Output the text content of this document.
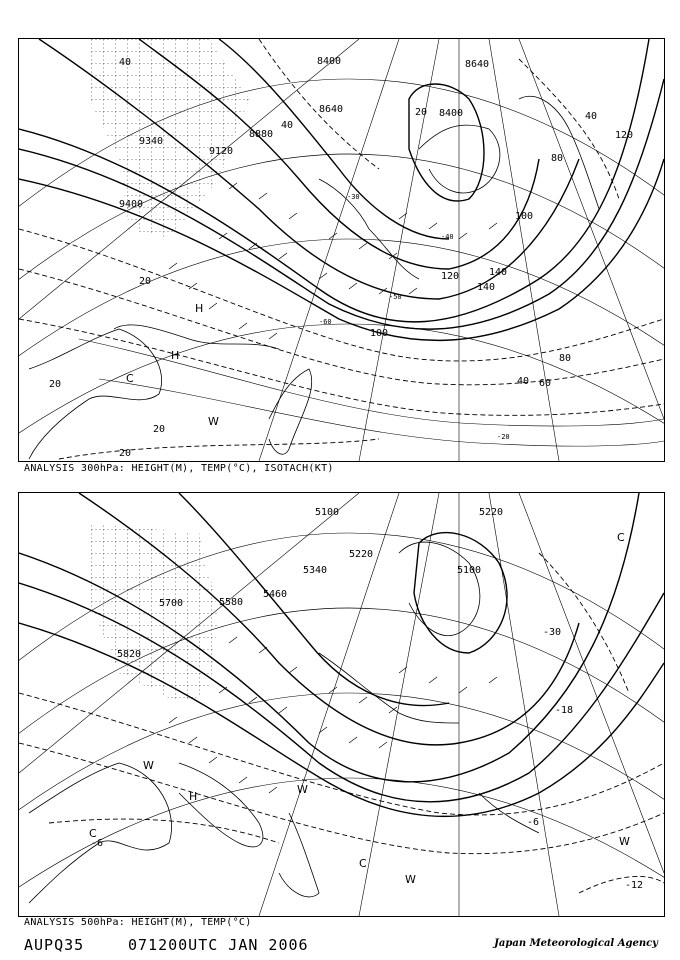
8400
8640
8880
9120
9340
9400
8400
8640
40
40
80
120
120	140
140
100
80
60
40
20
20
20
20
20	40
100
-20
-30
-40
-50
-60
H
H
W
C
ANALYSIS 300hPa: HEIGHT(M), TEMP(°C), ISOTACH(KT)
5100
5220
5340
5460
5580
5700
5820
5100
5220
-30
-18
-6
-6
-12
H
W
W
W
W
C
C
C
ANALYSIS 500hPa: HEIGHT(M), TEMP(°C)
AUPQ35	071200UTC JAN 2006	Japan Meteorological Agency
